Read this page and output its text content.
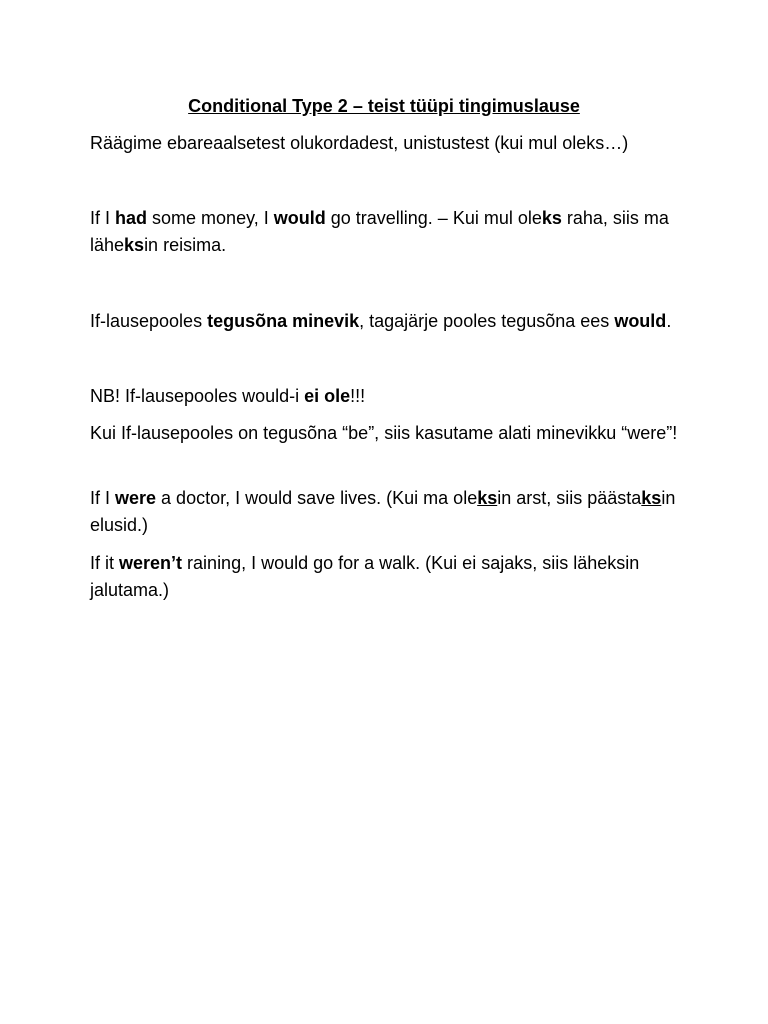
Conditional Type 2 – teist tüüpi tingimuslause

Räägime ebareaalsetest olukordadest, unistustest (kui mul oleks…)

If I had some money, I would go travelling. – Kui mul oleks raha, siis ma läheksin reisima.

If-lausepooles tegusõna minevik, tagajärje pooles tegusõna ees would.

NB! If-lausepooles would-i ei ole!!!

Kui If-lausepooles on tegusõna “be”, siis kasutame alati minevikku “were”!

If I were a doctor, I would save lives. (Kui ma oleksin arst, siis päästaksin elusid.)

If it weren’t raining, I would go for a walk. (Kui ei sajaks, siis läheksin jalutama.)
